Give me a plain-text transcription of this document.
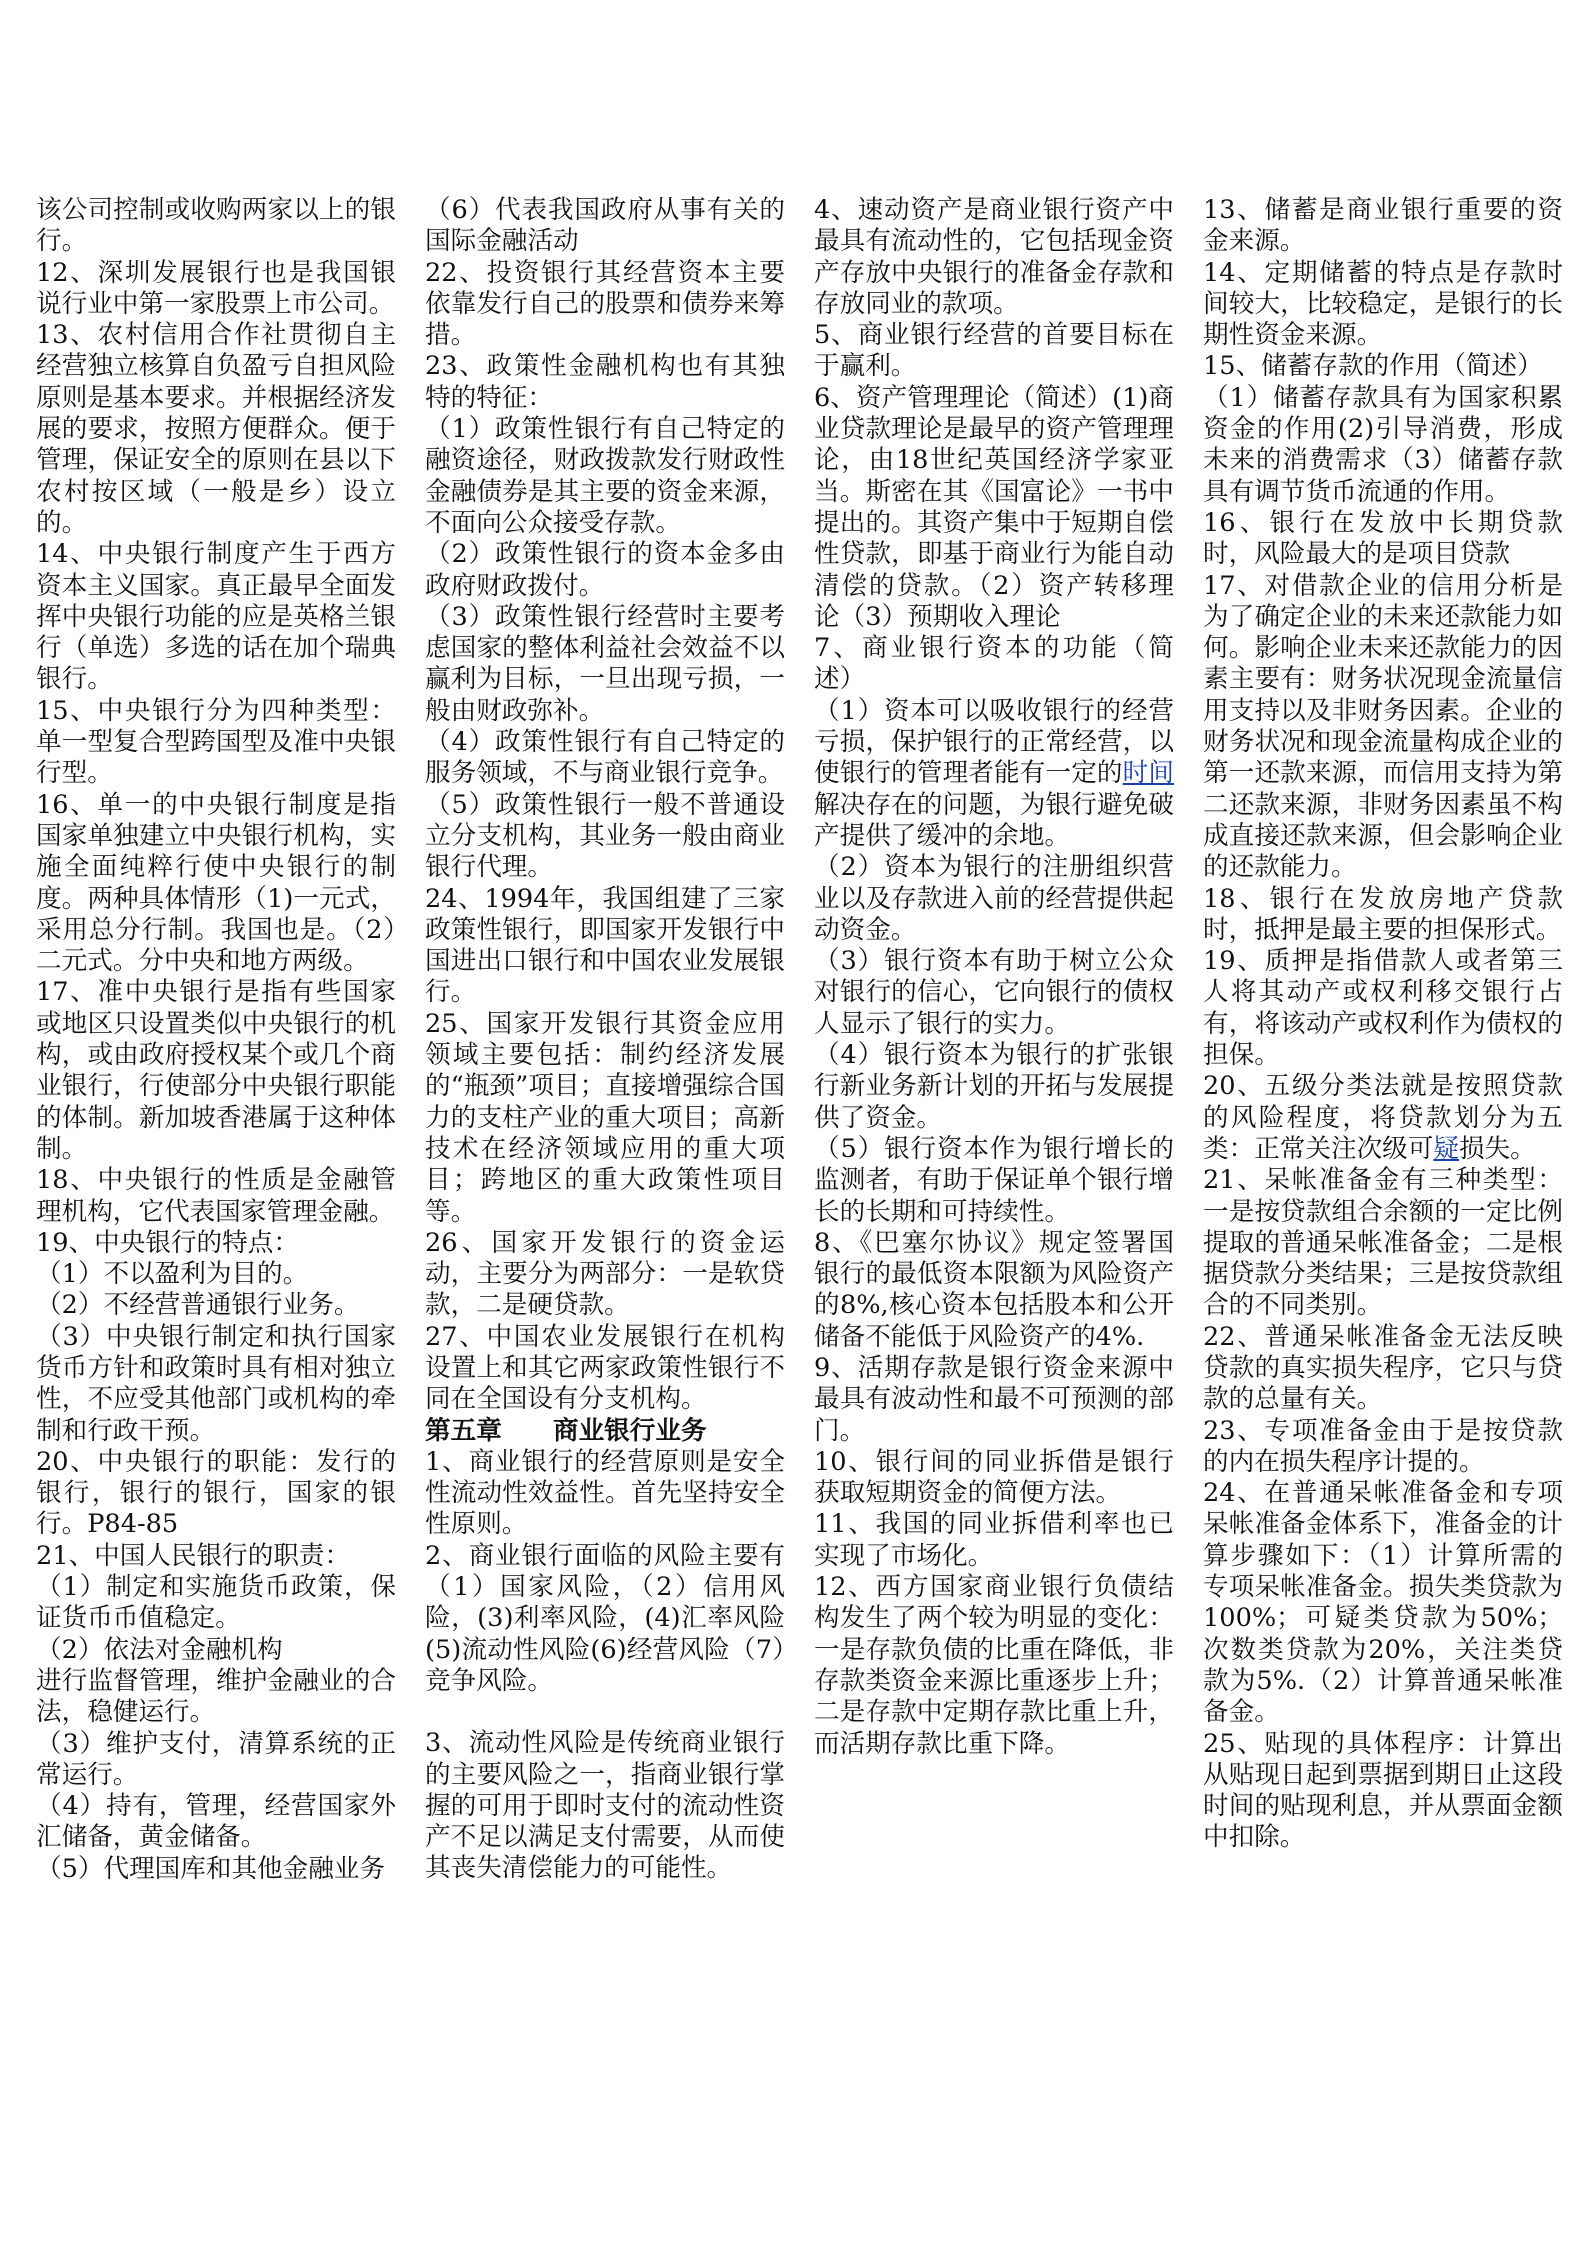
该公司控制或收购两家以上的银行。

12、深圳发展银行也是我国银说行业中第一家股票上市公司。

13、农村信用合作社贯彻自主经营独立核算自负盈亏自担风险原则是基本要求。并根据经济发展的要求，按照方便群众。便于管理，保证安全的原则在县以下农村按区域（一般是乡）设立的。

14、中央银行制度产生于西方资本主义国家。真正最早全面发挥中央银行功能的应是英格兰银行（单选）多选的话在加个瑞典银行。

15、中央银行分为四种类型：单一型复合型跨国型及准中央银行型。

16、单一的中央银行制度是指国家单独建立中央银行机构，实施全面纯粹行使中央银行的制度。两种具体情形（1)一元式，采用总分行制。我国也是。（2）二元式。分中央和地方两级。

17、准中央银行是指有些国家或地区只设置类似中央银行的机构，或由政府授权某个或几个商业银行，行使部分中央银行职能的体制。新加坡香港属于这种体制。

18、中央银行的性质是金融管理机构，它代表国家管理金融。

19、中央银行的特点：

（1）不以盈利为目的。

（2）不经营普通银行业务。

（3）中央银行制定和执行国家货币方针和政策时具有相对独立性，不应受其他部门或机构的牵制和行政干预。

20、中央银行的职能：发行的银行，银行的银行，国家的银行。P84-85

21、中国人民银行的职责：

（1）制定和实施货币政策，保证货币币值稳定。

（2）依法对金融机构

进行监督管理，维护金融业的合法，稳健运行。

（3）维护支付，清算系统的正常运行。

（4）持有，管理，经营国家外汇储备，黄金储备。

（5）代理国库和其他金融业务

（6）代表我国政府从事有关的国际金融活动

22、投资银行其经营资本主要依靠发行自己的股票和债券来筹措。

23、政策性金融机构也有其独特的特征：

（1）政策性银行有自己特定的融资途径，财政拨款发行财政性金融债券是其主要的资金来源，不面向公众接受存款。

（2）政策性银行的资本金多由政府财政拨付。

（3）政策性银行经营时主要考虑国家的整体利益社会效益不以赢利为目标，一旦出现亏损，一般由财政弥补。

（4）政策性银行有自己特定的服务领域，不与商业银行竞争。

（5）政策性银行一般不普通设立分支机构，其业务一般由商业银行代理。

24、1994年，我国组建了三家政策性银行，即国家开发银行中国进出口银行和中国农业发展银行。

25、国家开发银行其资金应用领域主要包括：制约经济发展的“瓶颈”项目；直接增强综合国力的支柱产业的重大项目；高新技术在经济领域应用的重大项目；跨地区的重大政策性项目等。

26、国家开发银行的资金运动，主要分为两部分：一是软贷款，二是硬贷款。

27、中国农业发展银行在机构设置上和其它两家政策性银行不同在全国设有分支机构。

第五章　　商业银行业务

1、商业银行的经营原则是安全性流动性效益性。首先坚持安全性原则。

2、商业银行面临的风险主要有（1）国家风险，（2）信用风险，(3)利率风险，(4)汇率风险(5)流动性风险(6)经营风险（7）竞争风险。

3、流动性风险是传统商业银行的主要风险之一，指商业银行掌握的可用于即时支付的流动性资产不足以满足支付需要，从而使其丧失清偿能力的可能性。

4、速动资产是商业银行资产中最具有流动性的，它包括现金资产存放中央银行的准备金存款和存放同业的款项。

5、商业银行经营的首要目标在于赢利。

6、资产管理理论（简述）(1)商业贷款理论是最早的资产管理理论，由18世纪英国经济学家亚当。斯密在其《国富论》一书中提出的。其资产集中于短期自偿性贷款，即基于商业行为能自动清偿的贷款。（2）资产转移理论（3）预期收入理论

7、商业银行资本的功能（简述）

（1）资本可以吸收银行的经营亏损，保护银行的正常经营，以使银行的管理者能有一定的时间解决存在的问题，为银行避免破产提供了缓冲的余地。

（2）资本为银行的注册组织营业以及存款进入前的经营提供起动资金。

（3）银行资本有助于树立公众对银行的信心，它向银行的债权人显示了银行的实力。

（4）银行资本为银行的扩张银行新业务新计划的开拓与发展提供了资金。

（5）银行资本作为银行增长的监测者，有助于保证单个银行增长的长期和可持续性。

8、《巴塞尔协议》规定签署国银行的最低资本限额为风险资产的8%,核心资本包括股本和公开储备不能低于风险资产的4%.

9、活期存款是银行资金来源中最具有波动性和最不可预测的部门。

10、银行间的同业拆借是银行获取短期资金的简便方法。

11、我国的同业拆借利率也已实现了市场化。

12、西方国家商业银行负债结构发生了两个较为明显的变化：一是存款负债的比重在降低，非存款类资金来源比重逐步上升；二是存款中定期存款比重上升，而活期存款比重下降。

13、储蓄是商业银行重要的资金来源。

14、定期储蓄的特点是存款时间较大，比较稳定，是银行的长期性资金来源。

15、储蓄存款的作用（简述）

（1）储蓄存款具有为国家积累资金的作用(2)引导消费，形成未来的消费需求（3）储蓄存款具有调节货币流通的作用。

16、银行在发放中长期贷款时，风险最大的是项目贷款

17、对借款企业的信用分析是为了确定企业的未来还款能力如何。影响企业未来还款能力的因素主要有：财务状况现金流量信用支持以及非财务因素。企业的财务状况和现金流量构成企业的第一还款来源，而信用支持为第二还款来源，非财务因素虽不构成直接还款来源，但会影响企业的还款能力。

18、银行在发放房地产贷款时，抵押是最主要的担保形式。

19、质押是指借款人或者第三人将其动产或权利移交银行占有，将该动产或权利作为债权的担保。

20、五级分类法就是按照贷款的风险程度，将贷款划分为五类：正常关注次级可疑损失。

21、呆帐准备金有三种类型：一是按贷款组合余额的一定比例提取的普通呆帐准备金；二是根据贷款分类结果；三是按贷款组合的不同类别。

22、普通呆帐准备金无法反映贷款的真实损失程序，它只与贷款的总量有关。

23、专项准备金由于是按贷款的内在损失程序计提的。

24、在普通呆帐准备金和专项呆帐准备金体系下，准备金的计算步骤如下：（1）计算所需的专项呆帐准备金。损失类贷款为100%；可疑类贷款为50%；次数类贷款为20%，关注类贷款为5%.（2）计算普通呆帐准备金。

25、贴现的具体程序：计算出从贴现日起到票据到期日止这段时间的贴现利息，并从票面金额中扣除。
